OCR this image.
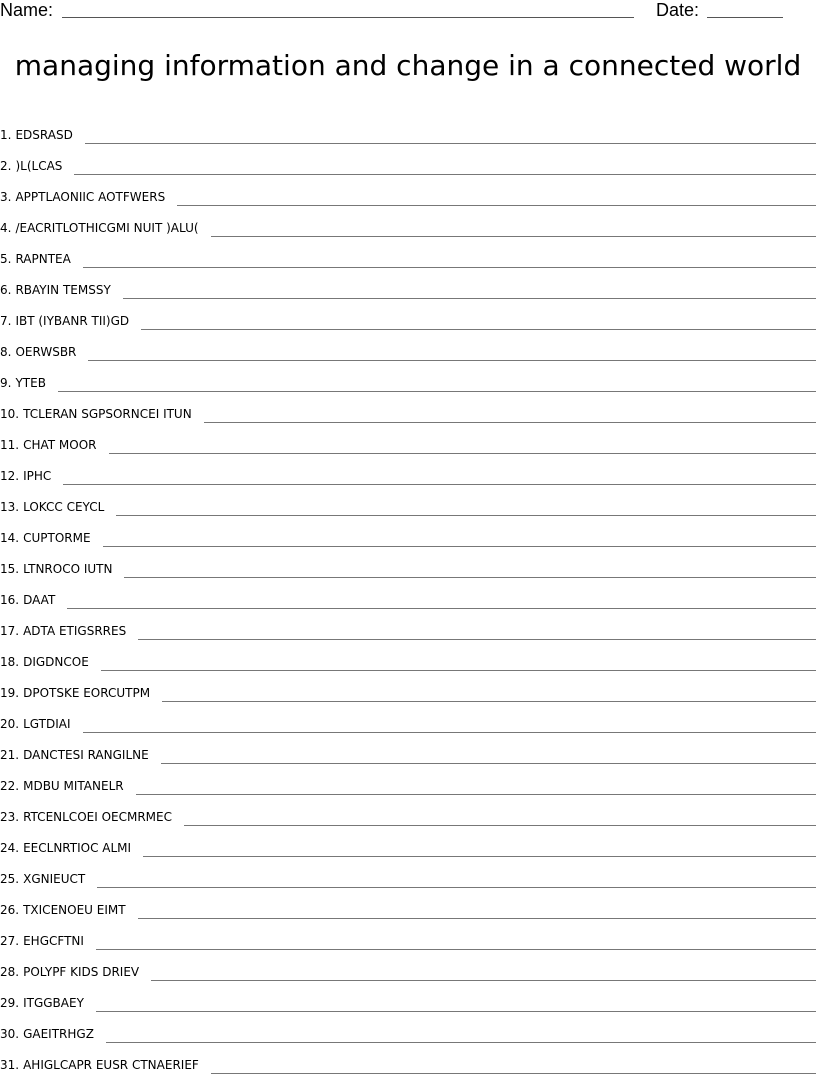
Name:	Date:
managing information and change in a connected world
1. EDSRASD
2. )L(LCAS
3. APPTLAONIIC AOTFWERS
4. /EACRITLOTHICGMI NUIT )ALU(
5. RAPNTEA
6. RBAYIN TEMSSY
7. IBT (IYBANR TII)GD
8. OERWSBR
9. YTEB
10. TCLERAN SGPSORNCEI ITUN
11. CHAT MOOR
12. IPHC
13. LOKCC CEYCL
14. CUPTORME
15. LTNROCO IUTN
16. DAAT
17. ADTA ETIGSRRES
18. DIGDNCOE
19. DPOTSKE EORCUTPM
20. LGTDIAI
21. DANCTESI RANGILNE
22. MDBU MITANELR
23. RTCENLCOEI OECMRMEC
24. EECLNRTIOC ALMI
25. XGNIEUCT
26. TXICENOEU EIMT
27. EHGCFTNI
28. POLYPF KIDS DRIEV
29. ITGGBAEY
30. GAEITRHGZ
31. AHIGLCAPR EUSR CTNAERIEF
